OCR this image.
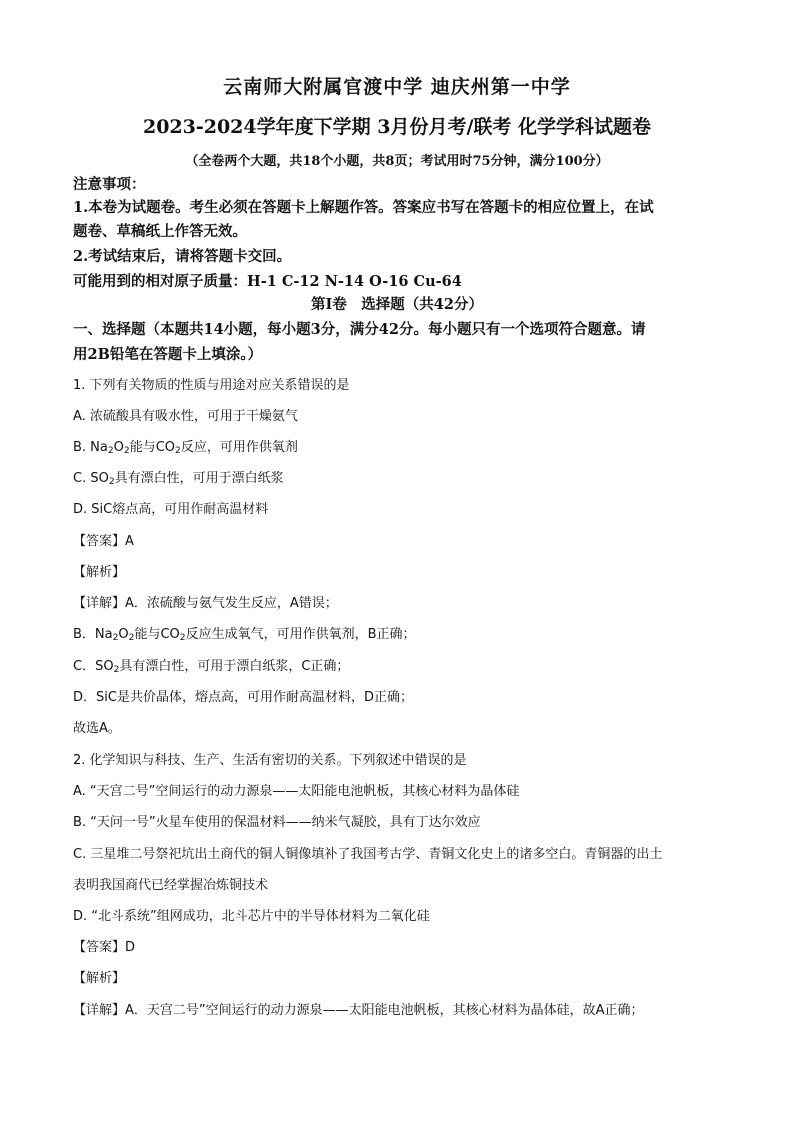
云南师大附属官渡中学 迪庆州第一中学
2023-2024学年度下学期 3月份月考/联考 化学学科试题卷
（全卷两个大题，共18个小题，共8页；考试用时75分钟，满分100分）
注意事项：
1.本卷为试题卷。考生必须在答题卡上解题作答。答案应书写在答题卡的相应位置上，在试
题卷、草稿纸上作答无效。
2.考试结束后，请将答题卡交回。
可能用到的相对原子质量：H-1 C-12 N-14 O-16 Cu-64
第Ⅰ卷　选择题（共42分）
一、选择题（本题共14小题，每小题3分，满分42分。每小题只有一个选项符合题意。请
用2B铅笔在答题卡上填涂。）
1. 下列有关物质的性质与用途对应关系错误的是
A. 浓硫酸具有吸水性，可用于干燥氨气
B. $Na_2O_2$能与$CO_2$反应，可用作供氧剂
C. $SO_2$具有漂白性，可用于漂白纸浆
D. SiC熔点高，可用作耐高温材料
【答案】A
【解析】
【详解】A．浓硫酸与氨气发生反应，A错误；
B．$Na_2O_2$能与$CO_2$反应生成氧气，可用作供氧剂，B正确；
C．$SO_2$具有漂白性，可用于漂白纸浆，C正确；
D．SiC是共价晶体，熔点高，可用作耐高温材料，D正确；
故选A。
2. 化学知识与科技、生产、生活有密切的关系。下列叙述中错误的是
A. “天宫二号”空间运行的动力源泉——太阳能电池帆板，其核心材料为晶体硅
B. “天问一号”火星车使用的保温材料——纳米气凝胶，具有丁达尔效应
C. 三星堆二号祭祀坑出土商代的铜人铜像填补了我国考古学、青铜文化史上的诸多空白。青铜器的出土
表明我国商代已经掌握冶炼铜技术
D. “北斗系统”组网成功，北斗芯片中的半导体材料为二氧化硅
【答案】D
【解析】
【详解】A．天宫二号”空间运行的动力源泉——太阳能电池帆板，其核心材料为晶体硅，故A正确；
